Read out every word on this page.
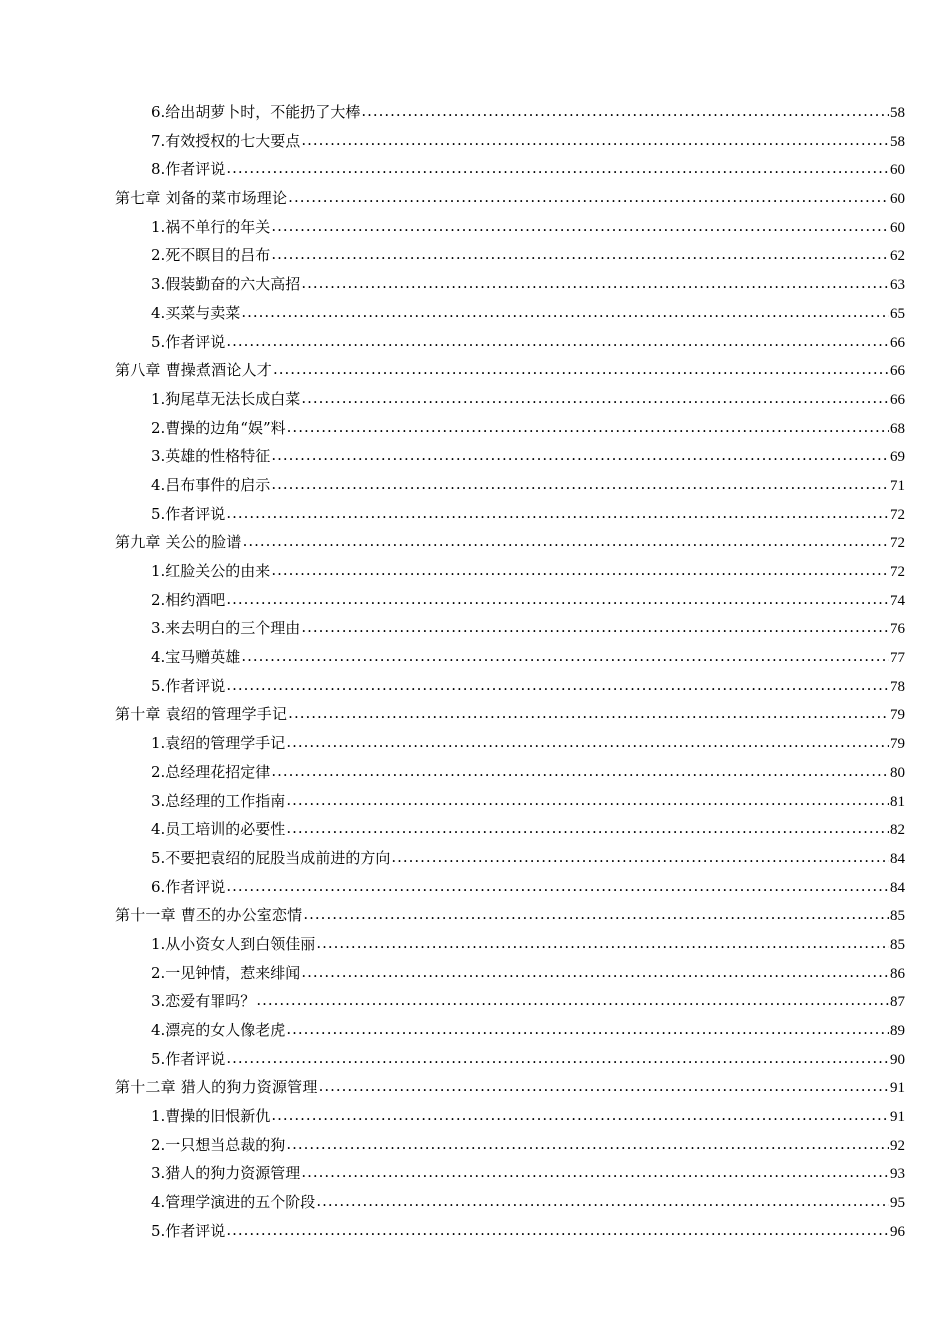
6.给出胡萝卜时，不能扔了大棒 .....	58
7.有效授权的七大要点 .....	58
8.作者评说 .....	60
第七章 刘备的菜市场理论 .....	60
1.祸不单行的年关 .....	60
2.死不瞑目的吕布 .....	62
3.假装勤奋的六大高招 .....	63
4.买菜与卖菜 .....	65
5.作者评说 .....	66
第八章 曹操煮酒论人才 .....	66
1.狗尾草无法长成白菜 .....	66
2.曹操的边角“娱”料 .....	68
3.英雄的性格特征 .....	69
4.吕布事件的启示 .....	71
5.作者评说 .....	72
第九章 关公的脸谱 .....	72
1.红脸关公的由来 .....	72
2.相约酒吧 .....	74
3.来去明白的三个理由 .....	76
4.宝马赠英雄 .....	77
5.作者评说 .....	78
第十章 袁绍的管理学手记 .....	79
1.袁绍的管理学手记 .....	79
2.总经理花招定律 .....	80
3.总经理的工作指南 .....	81
4.员工培训的必要性 .....	82
5.不要把袁绍的屁股当成前进的方向 .....	84
6.作者评说 .....	84
第十一章 曹丕的办公室恋情 .....	85
1.从小资女人到白领佳丽 .....	85
2.一见钟情，惹来绯闻 .....	86
3.恋爱有罪吗？ .....	87
4.漂亮的女人像老虎 .....	89
5.作者评说 .....	90
第十二章 猎人的狗力资源管理 .....	91
1.曹操的旧恨新仇 .....	91
2.一只想当总裁的狗 .....	92
3.猎人的狗力资源管理 .....	93
4.管理学演进的五个阶段 .....	95
5.作者评说 .....	96
